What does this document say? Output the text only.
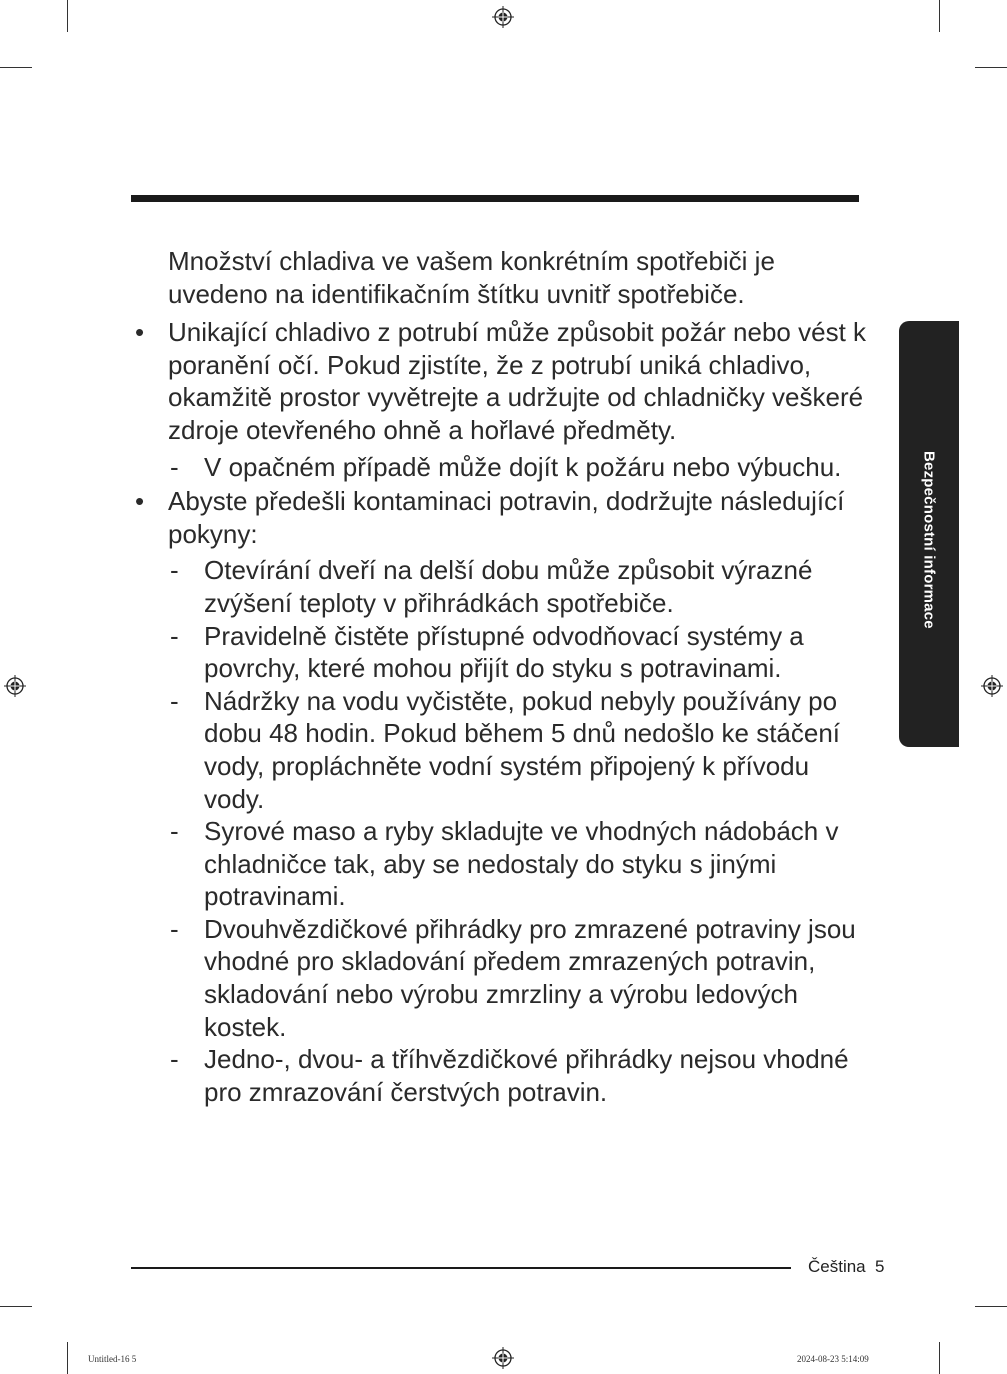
Množství chladiva ve vašem konkrétním spotřebiči je uvedeno na identifikačním štítku uvnitř spotřebiče.

• Unikající chladivo z potrubí může způsobit požár nebo vést k poranění očí. Pokud zjistíte, že z potrubí uniká chladivo, okamžitě prostor vyvětrejte a udržujte od chladničky veškeré zdroje otevřeného ohně a hořlavé předměty.
- V opačném případě může dojít k požáru nebo výbuchu.
• Abyste předešli kontaminaci potravin, dodržujte následující pokyny:
- Otevírání dveří na delší dobu může způsobit výrazné zvýšení teploty v přihrádkách spotřebiče.
- Pravidelně čistěte přístupné odvodňovací systémy a povrchy, které mohou přijít do styku s potravinami.
- Nádržky na vodu vyčistěte, pokud nebyly používány po dobu 48 hodin. Pokud během 5 dnů nedošlo ke stáčení vody, propláchněte vodní systém připojený k přívodu vody.
- Syrové maso a ryby skladujte ve vhodných nádobách v chladničce tak, aby se nedostaly do styku s jinými potravinami.
- Dvouhvězdičkové přihrádky pro zmrazené potraviny jsou vhodné pro skladování předem zmrazených potravin, skladování nebo výrobu zmrzliny a výrobu ledových kostek.
- Jedno-, dvou- a tříhvězdičkové přihrádky nejsou vhodné pro zmrazování čerstvých potravin.
Bezpečnostní informace
Čeština 5
Untitled-16 5	2024-08-23 5:14:09
